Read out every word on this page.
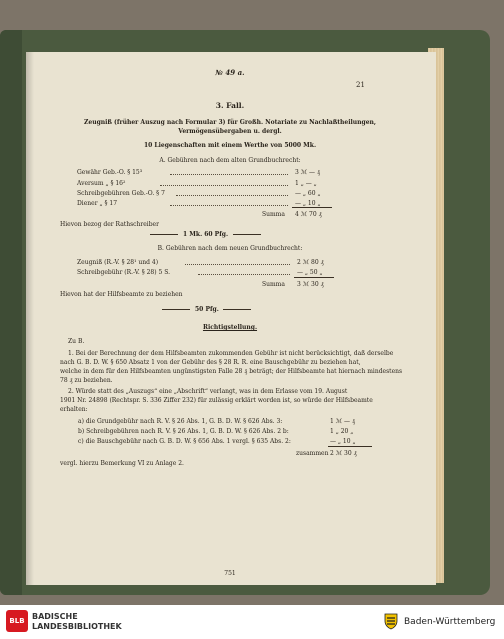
№ 49 a.
21
3. Fall.
Zeugniß (früher Auszug nach Formular 3) für Großh. Notariate zu Nachlaßtheilungen,
Vermögensübergaben u. dergl.
10 Liegenschaften mit einem Werthe von 5000 Mk.
A. Gebühren nach dem alten Grundbuchrecht:
Gewähr Geb.-O. § 15³	3 ℳ — ₰
Aversum „ § 16²	1 „ — „
Schreibgebühren Geb.-O. § 7	— „ 60 „
Diener „ § 17	— „ 10 „
Summa 4 ℳ 70 ₰
Hievon bezog der Rathschreiber
1 Mk. 60 Pfg.
B. Gebühren nach dem neuen Grundbuchrecht:
Zeugniß (R.-V. § 28¹ und 4)	2 ℳ 80 ₰
Schreibgebühr (R.-V. § 28) 5 S.	— „ 50 „
Summa 3 ℳ 30 ₰
Hievon hat der Hilfsbeamte zu beziehen
50 Pfg.
Richtigstellung.
Zu B.
1. Bei der Berechnung der dem Hilfsbeamten zukommenden Gebühr ist nicht berücksichtigt, daß derselbe
nach G. B. D. W. § 650 Absatz 1 von der Gebühr des § 28 R. R. eine Bauschgebühr zu beziehen hat,
welche in dem für den Hilfsbeamten ungünstigsten Falle 28 ₰ beträgt; der Hilfsbeamte hat hiernach mindestens
78 ₰ zu beziehen.
2. Würde statt des „Auszugs“ eine „Abschrift“ verlangt, was in dem Erlasse vom 19. August
1901 Nr. 24898 (Rechtspr. S. 336 Ziffer 232) für zulässig erklärt worden ist, so würde der Hilfsbeamte
erhalten:
a) die Grundgebühr nach R. V. § 26 Abs. 1, G. B. D. W. § 626 Abs. 3:	1 ℳ — ₰
b) Schreibgebühren nach R. V. § 26 Abs. 1, G. B. D. W. § 626 Abs. 2 b:	1 „ 20 „
c) die Bauschgebühr nach G. B. D. W. § 656 Abs. 1 vergl. § 635 Abs. 2:	— „ 10 „
zusammen 2 ℳ 30 ₰
vergl. hierzu Bemerkung VI zu Anlage 2.
751
BLB BADISCHE
LANDESBIBLIOTHEK	Baden-Württemberg
